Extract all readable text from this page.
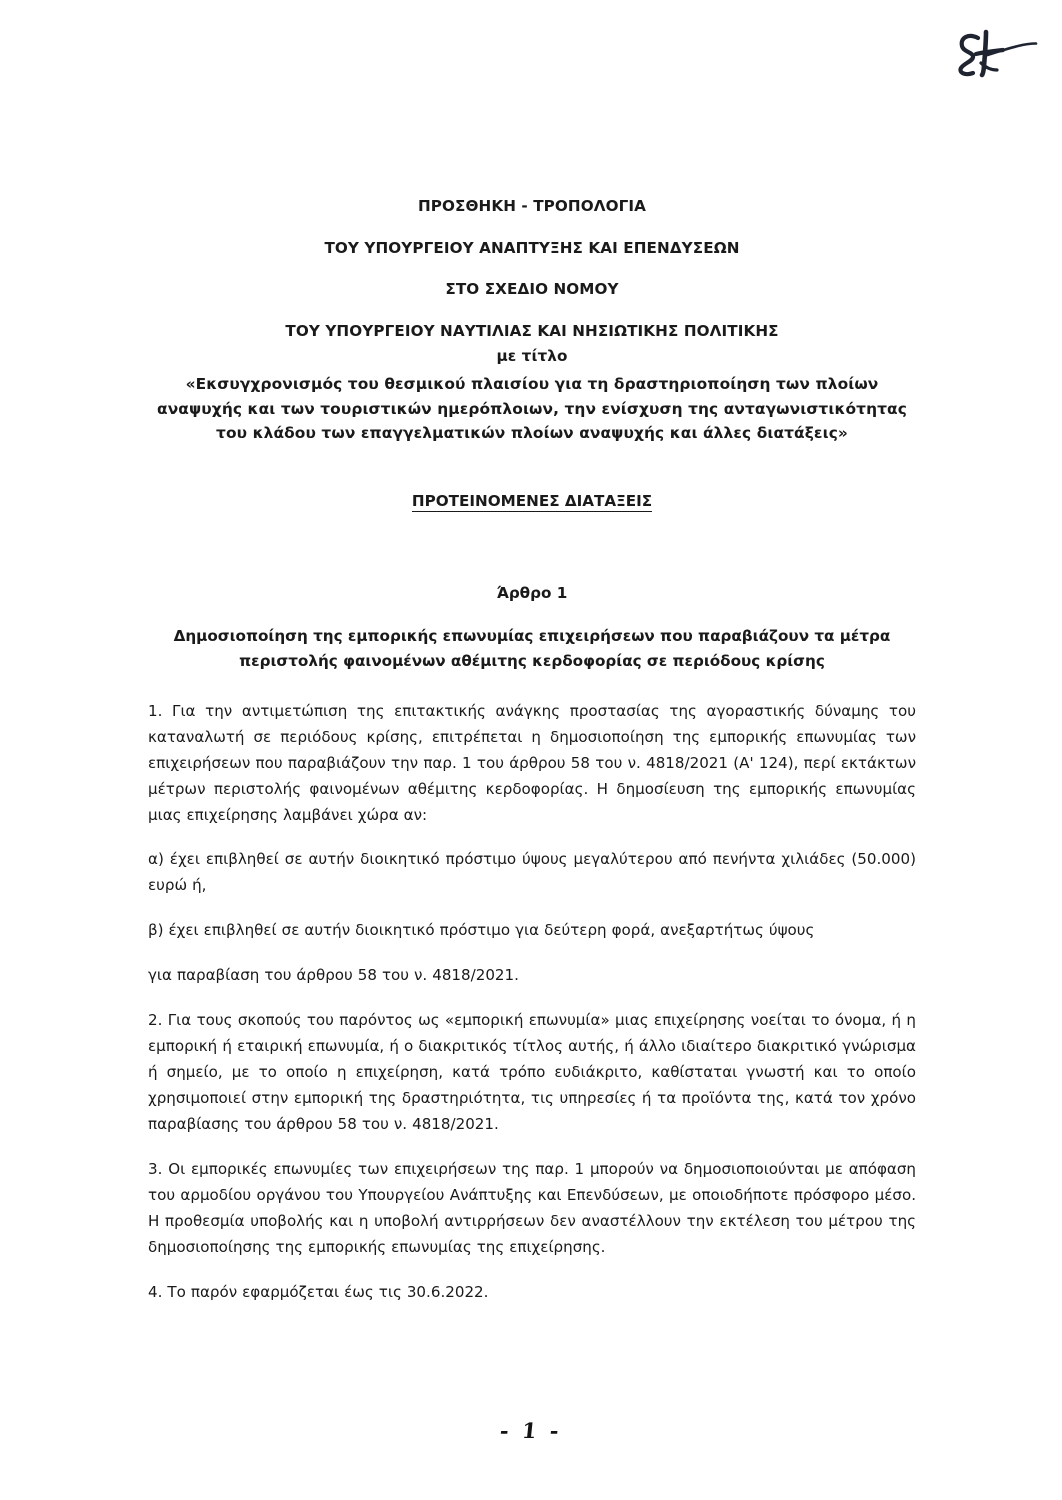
ΠΡΟΣΘΗΚΗ - ΤΡΟΠΟΛΟΓΙΑ

ΤΟΥ ΥΠΟΥΡΓΕΙΟΥ ΑΝΑΠΤΥΞΗΣ ΚΑΙ ΕΠΕΝΔΥΣΕΩΝ

ΣΤΟ ΣΧΕΔΙΟ ΝΟΜΟΥ

ΤΟΥ ΥΠΟΥΡΓΕΙΟΥ ΝΑΥΤΙΛΙΑΣ ΚΑΙ ΝΗΣΙΩΤΙΚΗΣ ΠΟΛΙΤΙΚΗΣ

με τίτλο

«Εκσυγχρονισμός του θεσμικού πλαισίου για τη δραστηριοποίηση των πλοίων αναψυχής και των τουριστικών ημερόπλοιων, την ενίσχυση της ανταγωνιστικότητας του κλάδου των επαγγελματικών πλοίων αναψυχής και άλλες διατάξεις»

ΠΡΟΤΕΙΝΟΜΕΝΕΣ ΔΙΑΤΑΞΕΙΣ

Άρθρο 1

Δημοσιοποίηση της εμπορικής επωνυμίας επιχειρήσεων που παραβιάζουν τα μέτρα περιστολής φαινομένων αθέμιτης κερδοφορίας σε περιόδους κρίσης

1. Για την αντιμετώπιση της επιτακτικής ανάγκης προστασίας της αγοραστικής δύναμης του καταναλωτή σε περιόδους κρίσης, επιτρέπεται η δημοσιοποίηση της εμπορικής επωνυμίας των επιχειρήσεων που παραβιάζουν την παρ. 1 του άρθρου 58 του ν. 4818/2021 (Α' 124), περί εκτάκτων μέτρων περιστολής φαινομένων αθέμιτης κερδοφορίας. Η δημοσίευση της εμπορικής επωνυμίας μιας επιχείρησης λαμβάνει χώρα αν:

α) έχει επιβληθεί σε αυτήν διοικητικό πρόστιμο ύψους μεγαλύτερου από πενήντα χιλιάδες (50.000) ευρώ ή,

β) έχει επιβληθεί σε αυτήν διοικητικό πρόστιμο για δεύτερη φορά, ανεξαρτήτως ύψους

για παραβίαση του άρθρου 58 του ν. 4818/2021.

2. Για τους σκοπούς του παρόντος ως «εμπορική επωνυμία» μιας επιχείρησης νοείται το όνομα, ή η εμπορική ή εταιρική επωνυμία, ή ο διακριτικός τίτλος αυτής, ή άλλο ιδιαίτερο διακριτικό γνώρισμα ή σημείο, με το οποίο η επιχείρηση, κατά τρόπο ευδιάκριτο, καθίσταται γνωστή και το οποίο χρησιμοποιεί στην εμπορική της δραστηριότητα, τις υπηρεσίες ή τα προϊόντα της, κατά τον χρόνο παραβίασης του άρθρου 58 του ν. 4818/2021.

3. Οι εμπορικές επωνυμίες των επιχειρήσεων της παρ. 1 μπορούν να δημοσιοποιούνται με απόφαση του αρμοδίου οργάνου του Υπουργείου Ανάπτυξης και Επενδύσεων, με οποιοδήποτε πρόσφορο μέσο. Η προθεσμία υποβολής και η υποβολή αντιρρήσεων δεν αναστέλλουν την εκτέλεση του μέτρου της δημοσιοποίησης της εμπορικής επωνυμίας της επιχείρησης.

4. Το παρόν εφαρμόζεται έως τις 30.6.2022.

- 1 -
